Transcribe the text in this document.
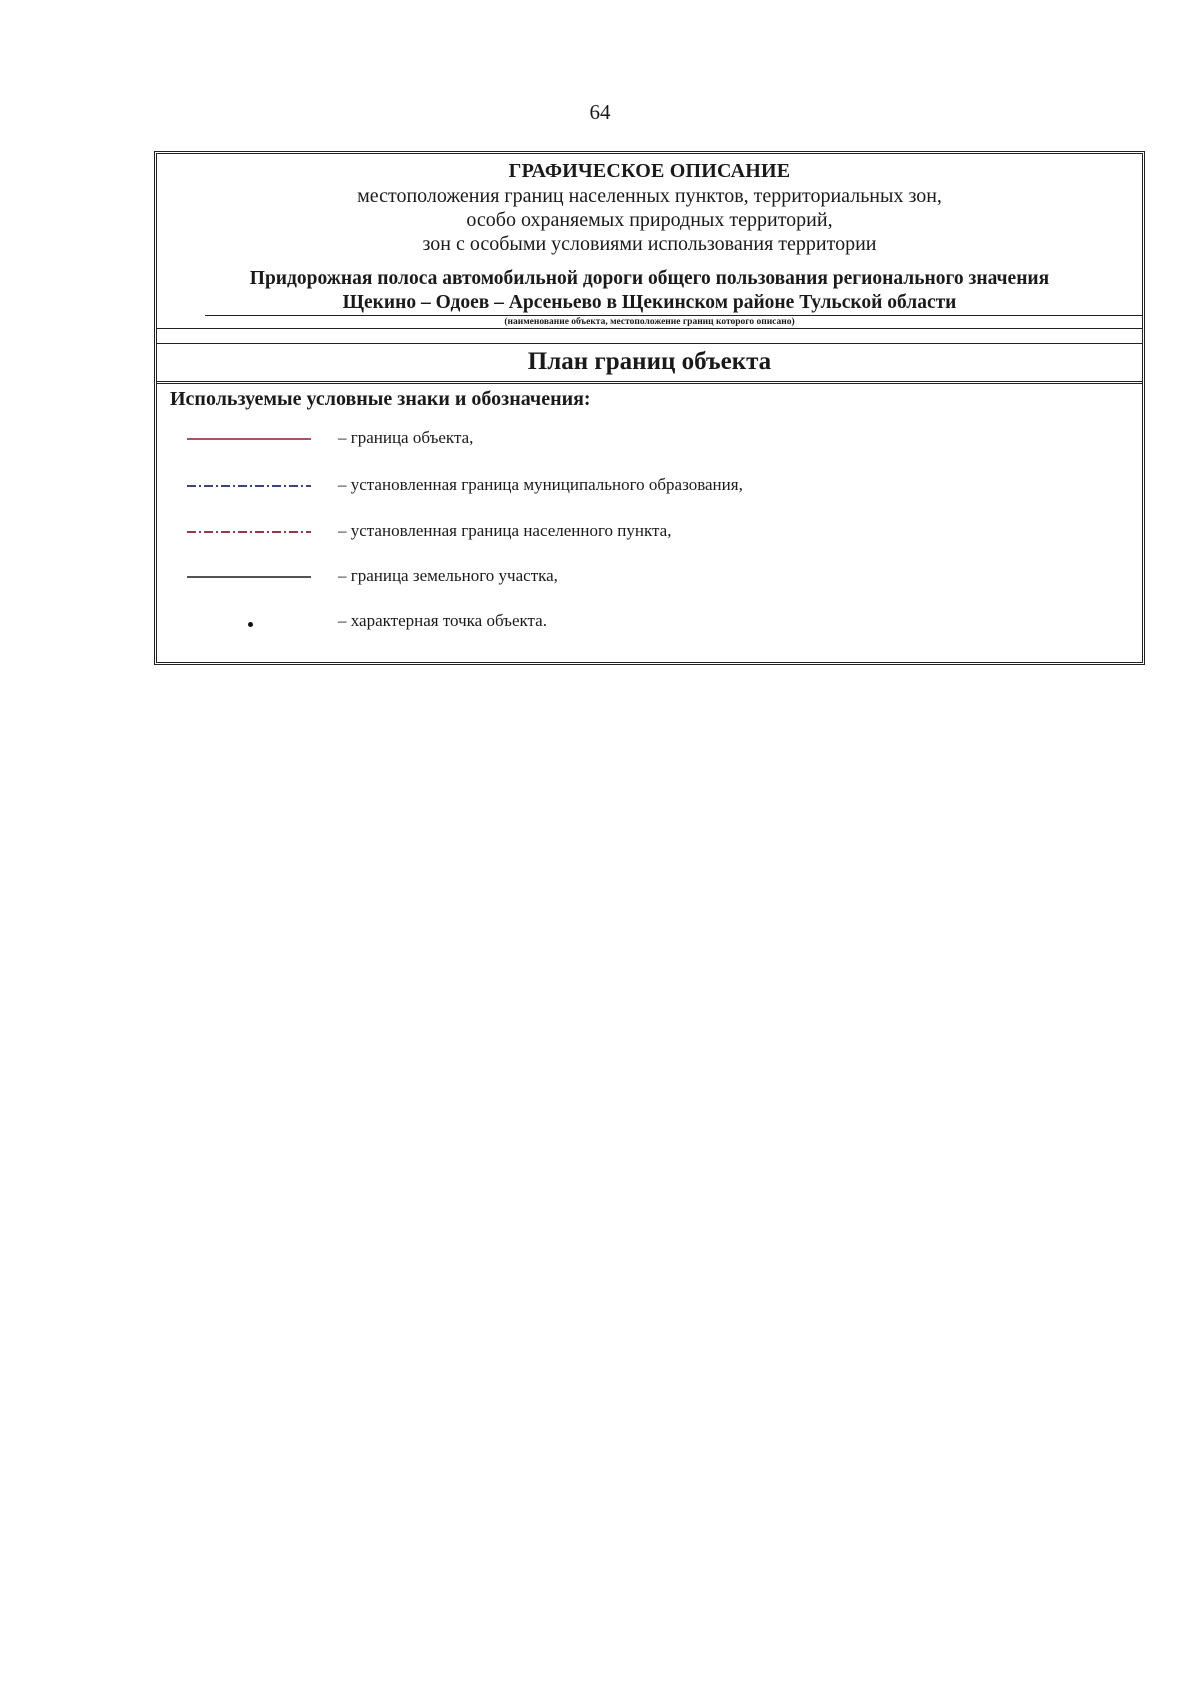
64
ГРАФИЧЕСКОЕ ОПИСАНИЕ
местоположения границ населенных пунктов, территориальных зон,
особо охраняемых природных территорий,
зон с особыми условиями использования территории
Придорожная полоса автомобильной дороги общего пользования регионального значения
Щекино – Одоев – Арсеньево в Щекинском районе Тульской области
(наименование объекта, местоположение границ которого описано)
План границ объекта
Используемые условные знаки и обозначения:
– граница объекта,
– установленная граница муниципального образования,
– установленная граница населенного пункта,
– граница земельного участка,
– характерная точка объекта.
